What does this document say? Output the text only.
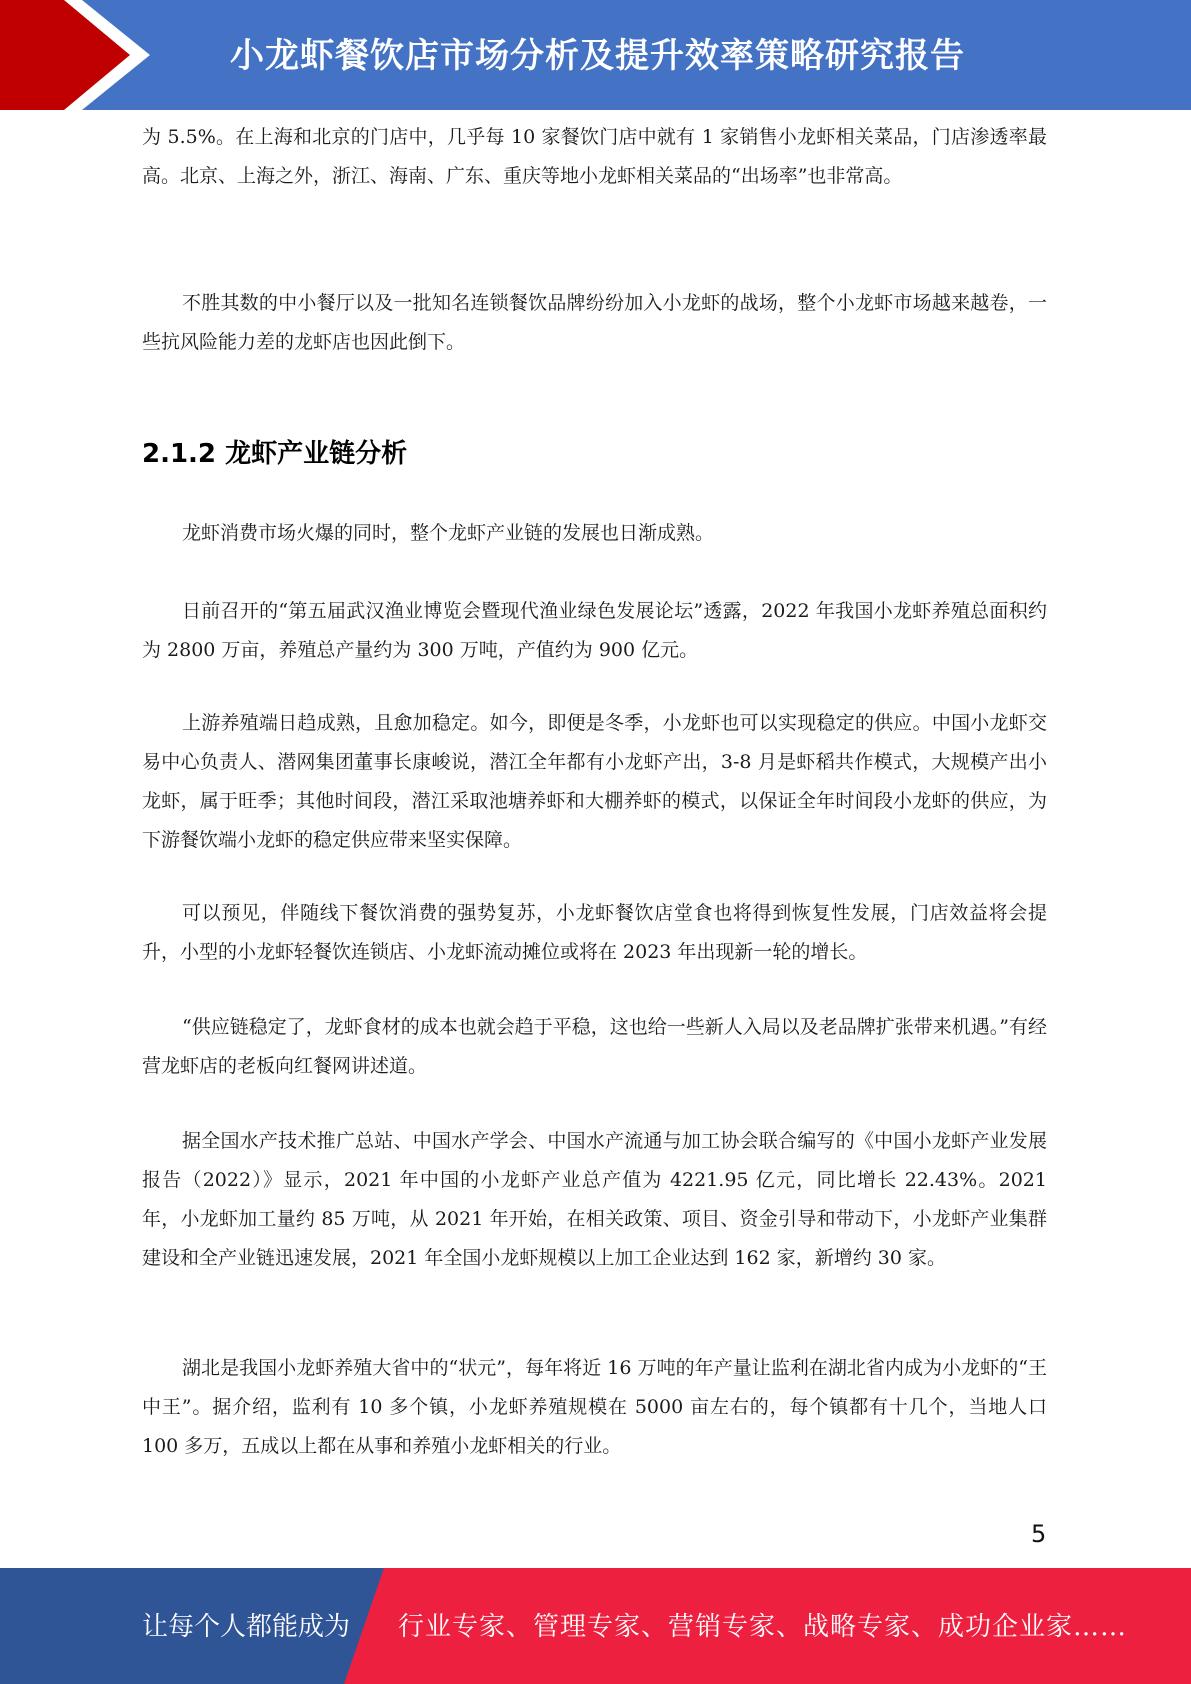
小龙虾餐饮店市场分析及提升效率策略研究报告

为 5.5%。在上海和北京的门店中，几乎每 10 家餐饮门店中就有 1 家销售小龙虾相关菜品，门店渗透率最高。北京、上海之外，浙江、海南、广东、重庆等地小龙虾相关菜品的“出场率”也非常高。

不胜其数的中小餐厅以及一批知名连锁餐饮品牌纷纷加入小龙虾的战场，整个小龙虾市场越来越卷，一些抗风险能力差的龙虾店也因此倒下。

2.1.2 龙虾产业链分析

龙虾消费市场火爆的同时，整个龙虾产业链的发展也日渐成熟。

日前召开的“第五届武汉渔业博览会暨现代渔业绿色发展论坛”透露，2022 年我国小龙虾养殖总面积约为 2800 万亩，养殖总产量约为 300 万吨，产值约为 900 亿元。

上游养殖端日趋成熟，且愈加稳定。如今，即便是冬季，小龙虾也可以实现稳定的供应。中国小龙虾交易中心负责人、潜网集团董事长康峻说，潜江全年都有小龙虾产出，3-8 月是虾稻共作模式，大规模产出小龙虾，属于旺季；其他时间段，潜江采取池塘养虾和大棚养虾的模式，以保证全年时间段小龙虾的供应，为下游餐饮端小龙虾的稳定供应带来坚实保障。

可以预见，伴随线下餐饮消费的强势复苏，小龙虾餐饮店堂食也将得到恢复性发展，门店效益将会提升，小型的小龙虾轻餐饮连锁店、小龙虾流动摊位或将在 2023 年出现新一轮的增长。

“供应链稳定了，龙虾食材的成本也就会趋于平稳，这也给一些新人入局以及老品牌扩张带来机遇。”有经营龙虾店的老板向红餐网讲述道。

据全国水产技术推广总站、中国水产学会、中国水产流通与加工协会联合编写的《中国小龙虾产业发展报告（2022）》显示，2021 年中国的小龙虾产业总产值为 4221.95 亿元，同比增长 22.43%。2021 年，小龙虾加工量约 85 万吨，从 2021 年开始，在相关政策、项目、资金引导和带动下，小龙虾产业集群建设和全产业链迅速发展，2021 年全国小龙虾规模以上加工企业达到 162 家，新增约 30 家。

湖北是我国小龙虾养殖大省中的“状元”，每年将近 16 万吨的年产量让监利在湖北省内成为小龙虾的“王中王”。据介绍，监利有 10 多个镇，小龙虾养殖规模在 5000 亩左右的，每个镇都有十几个，当地人口 100 多万，五成以上都在从事和养殖小龙虾相关的行业。

5
让每个人都能成为 行业专家、管理专家、营销专家、战略专家、成功企业家……
